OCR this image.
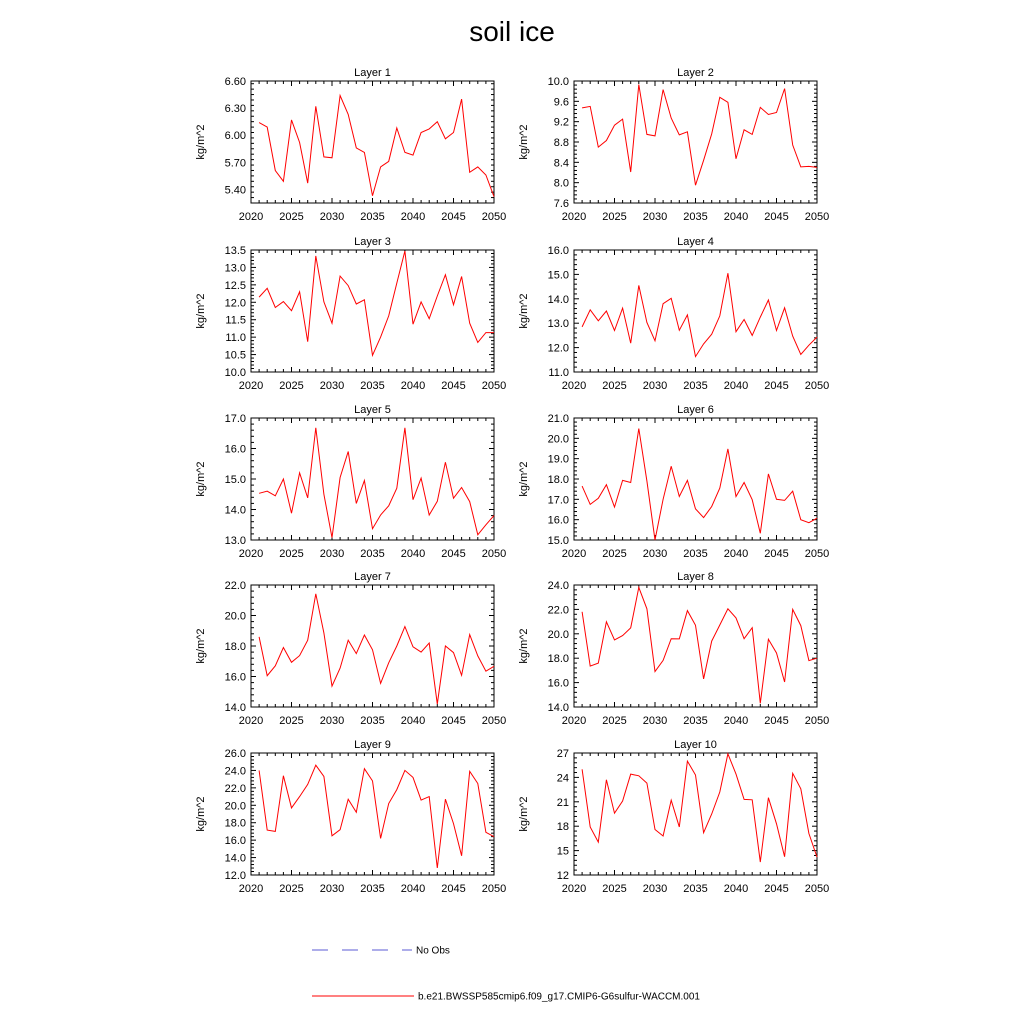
soil ice
Layer 1
2020 2025 2030 2035 2040 2045 2050
5.40
5.70
6.00
6.30
6.60
kg/m^2
Layer 2
2020 2025 2030 2035 2040 2045 2050
7.6
8.0
8.4
8.8
9.2
9.6
10.0
kg/m^2
Layer 3
2020 2025 2030 2035 2040 2045 2050
10.0
10.5
11.0
11.5
12.0
12.5
13.0
13.5
kg/m^2
Layer 4
2020 2025 2030 2035 2040 2045 2050
11.0
12.0
13.0
14.0
15.0
16.0
kg/m^2
Layer 5
2020 2025 2030 2035 2040 2045 2050
13.0
14.0
15.0
16.0
17.0
kg/m^2
Layer 6
2020 2025 2030 2035 2040 2045 2050
15.0
16.0
17.0
18.0
19.0
20.0
21.0
kg/m^2
Layer 7
2020 2025 2030 2035 2040 2045 2050
14.0
16.0
18.0
20.0
22.0
kg/m^2
Layer 8
2020 2025 2030 2035 2040 2045 2050
14.0
16.0
18.0
20.0
22.0
24.0
kg/m^2
Layer 9
2020 2025 2030 2035 2040 2045 2050
12.0
14.0
16.0
18.0
20.0
22.0
24.0
26.0
kg/m^2
Layer 10
2020 2025 2030 2035 2040 2045 2050
12
15
18
21
24
27
kg/m^2
No Obs
b.e21.BWSSP585cmip6.f09_g17.CMIP6-G6sulfur-WACCM.001
